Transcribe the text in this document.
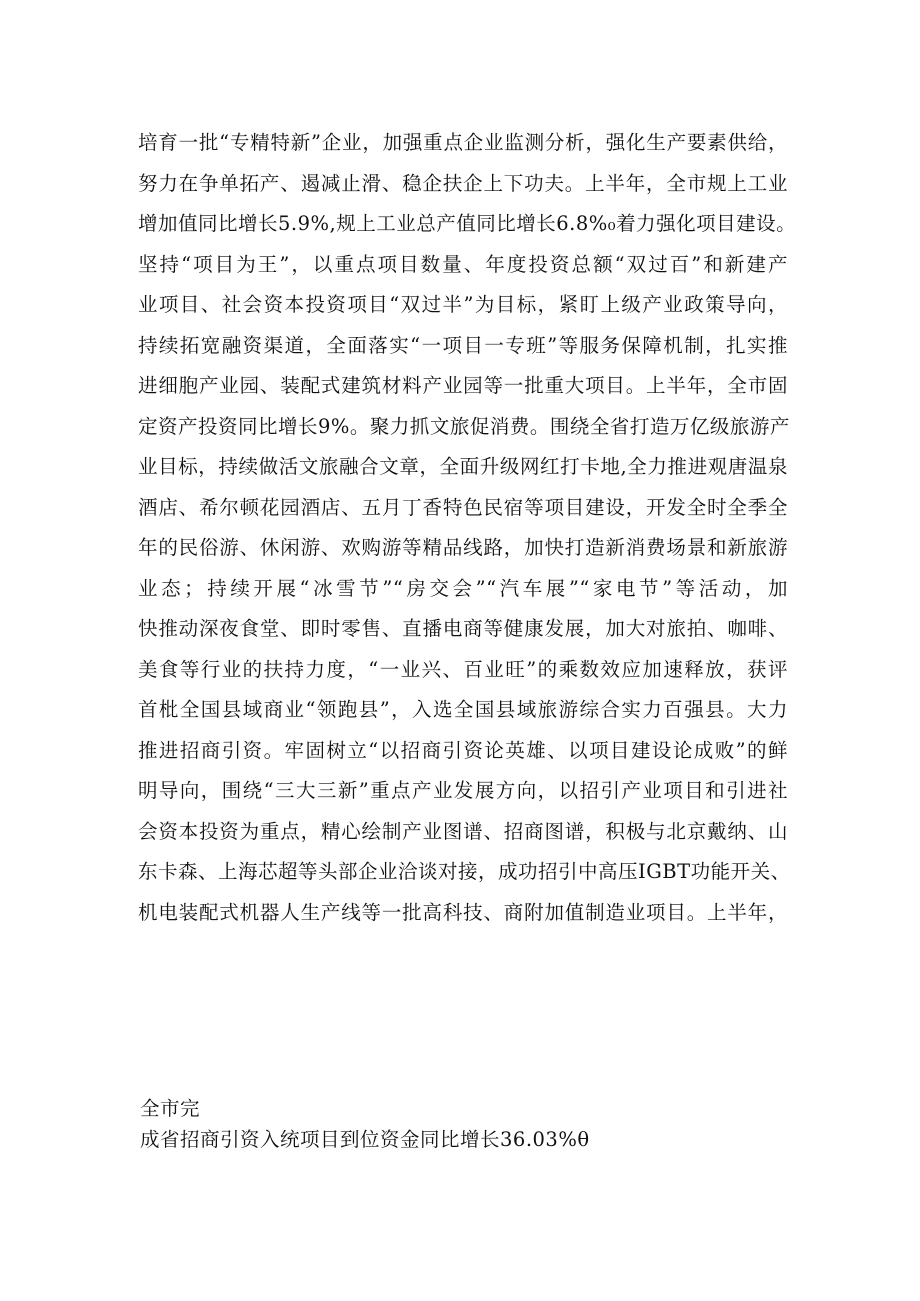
培育一批“专精特新”企业，加强重点企业监测分析，强化生产要素供给，
努力在争单拓产、遏减止滑、稳企扶企上下功夫。上半年，全市规上工业
增加值同比增长5.9%,规上工业总产值同比增长6.8%₀着力强化项目建设。
坚持“项目为王”，以重点项目数量、年度投资总额“双过百”和新建产
业项目、社会资本投资项目“双过半”为目标，紧盯上级产业政策导向，
持续拓宽融资渠道，全面落实“一项目一专班”等服务保障机制，扎实推
进细胞产业园、装配式建筑材料产业园等一批重大项目。上半年，全市固
定资产投资同比增长9%。聚力抓文旅促消费。围绕全省打造万亿级旅游产
业目标，持续做活文旅融合文章，全面升级网红打卡地,全力推进观唐温泉
酒店、希尔顿花园酒店、五月丁香特色民宿等项目建设，开发全时全季全
年的民俗游、休闲游、欢购游等精品线路，加快打造新消费场景和新旅游
业态；持续开展“冰雪节”“房交会”“汽车展”“家电节”等活动，加
快推动深夜食堂、即时零售、直播电商等健康发展，加大对旅拍、咖啡、
美食等行业的扶持力度，“一业兴、百业旺”的乘数效应加速释放，获评
首枇全国县域商业“领跑县”，入选全国县域旅游综合实力百强县。大力
推进招商引资。牢固树立“以招商引资论英雄、以项目建设论成败”的鲜
明导向，围绕“三大三新”重点产业发展方向，以招引产业项目和引进社
会资本投资为重点，精心绘制产业图谱、招商图谱，积极与北京戴纳、山
东卡森、上海芯超等头部企业洽谈对接，成功招引中高压IGBT功能开关、
机电装配式机器人生产线等一批高科技、商附加值制造业项目。上半年，
全市完
成省招商引资入统项目到位资金同比增长36.03%θ
